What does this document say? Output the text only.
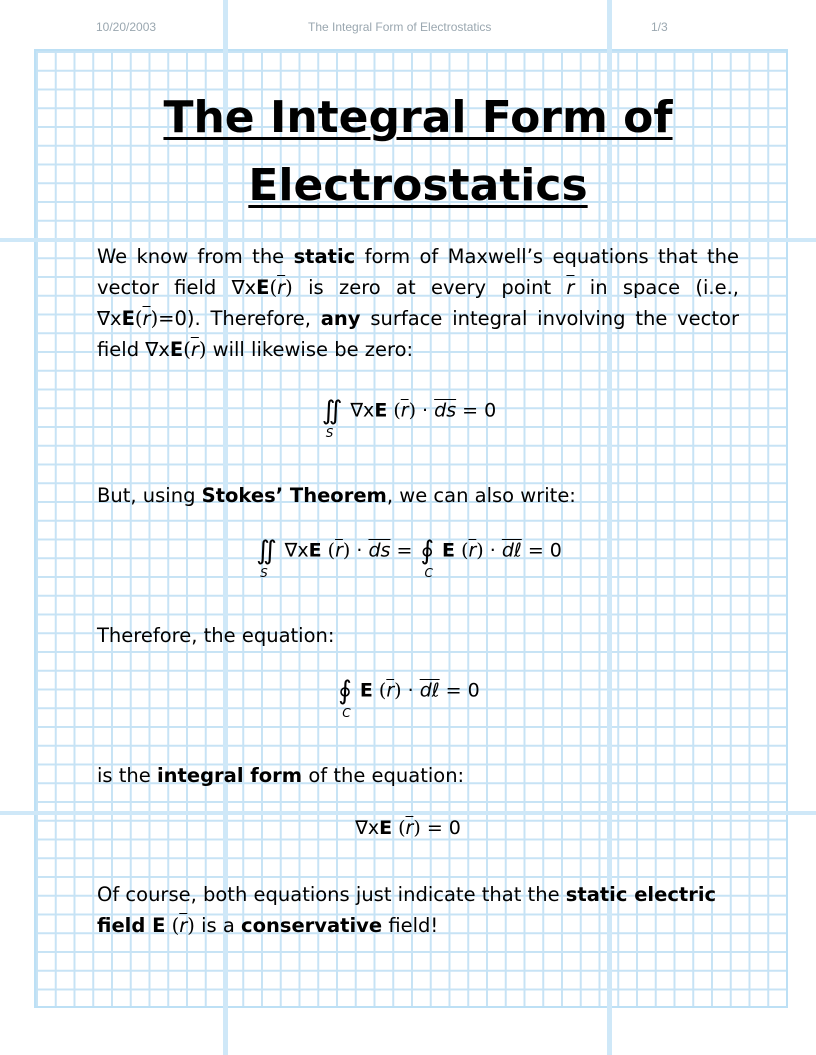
10/20/2003	The Integral Form of Electrostatics	1/3
The Integral Form of
Electrostatics
We know from the static form of Maxwell’s equations that the vector field $\nabla xE(\overline{r})$ is zero at every point $\overline{r}$ in space (i.e., $\nabla xE(\overline{r})=0$). Therefore, any surface integral involving the vector field $\nabla xE(\overline{r})$ will likewise be zero:
∬
S
∇xE $(\overline{r}) \cdot \overline{ds} = 0$
But, using Stokes’ Theorem, we can also write:
∬
S
∇xE $(\overline{r}) \cdot \overline{ds}$ = ∮
C
E $(\overline{r})$ · dℓ = 0
Therefore, the equation:
∮
C
E $(\overline{r})$ · dℓ = 0
is the integral form of the equation:
∇xE $(\overline{r}) = 0$
Of course, both equations just indicate that the static electric field E $(\overline{r})$ is a conservative field!
